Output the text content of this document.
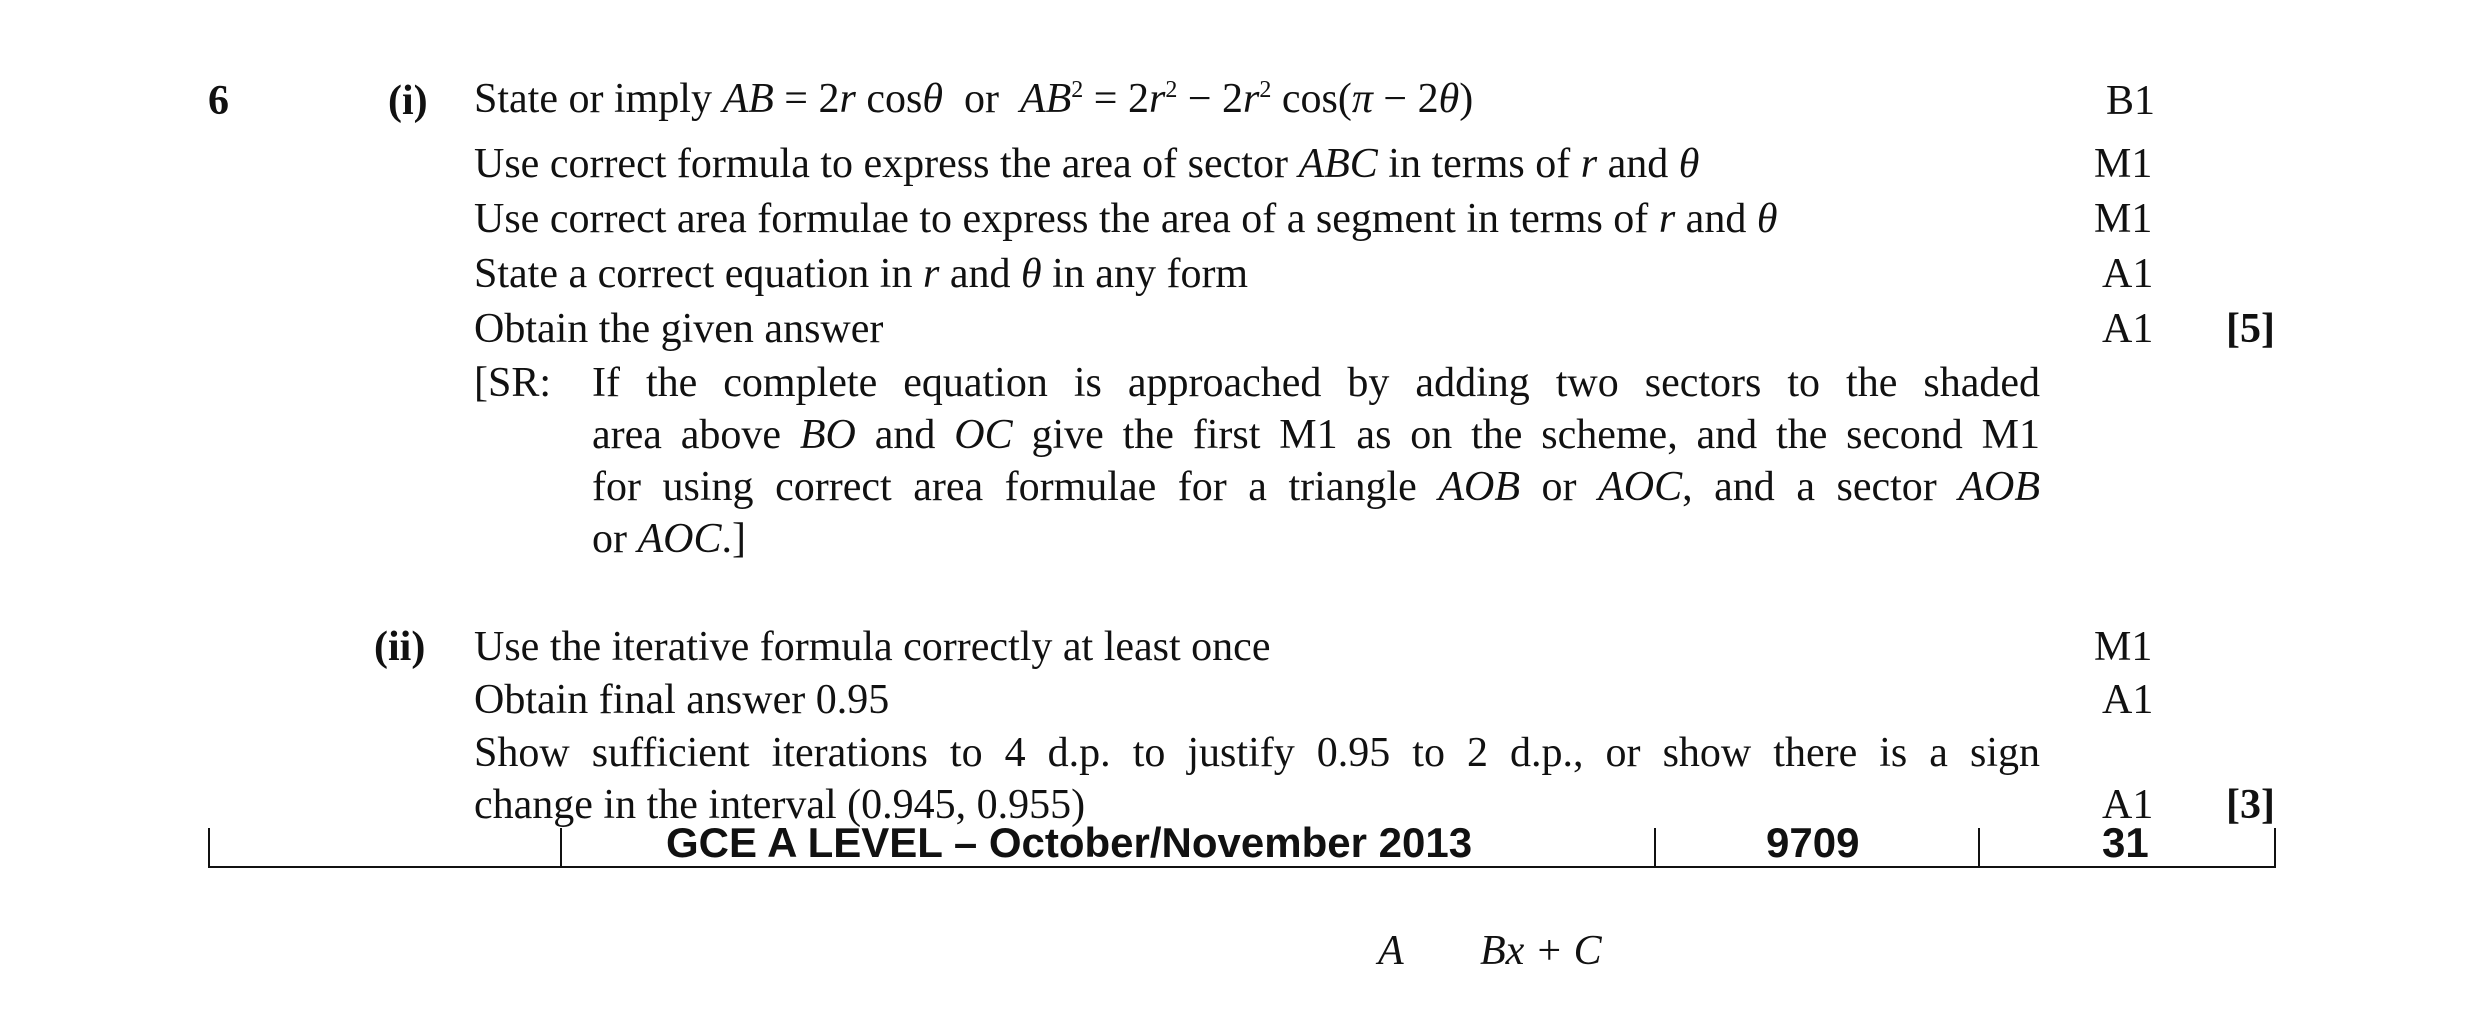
6	(i) State or imply AB = 2r cosθ  or  $AB^2 = 2r^2 - 2r^2$ cos(π − 2θ)	B1
Use correct formula to express the area of sector ABC in terms of r and θ	M1
Use correct area formulae to express the area of a segment in terms of r and θ	M1
State a correct equation in r and θ in any form	A1
Obtain the given answer	A1 [5]
[SR: If the complete equation is approached by adding two sectors to the shaded
area above BO and OC give the first M1 as on the scheme, and the second M1
for using correct area formulae for a triangle AOB or AOC, and a sector AOB
or AOC.]
(ii) Use the iterative formula correctly at least once	M1
Obtain final answer 0.95	A1
Show sufficient iterations to 4 d.p. to justify 0.95 to 2 d.p., or show there is a sign
change in the interval (0.945, 0.955)	A1 [3]
GCE A LEVEL – October/November 2013	9709	31
A Bx + C
